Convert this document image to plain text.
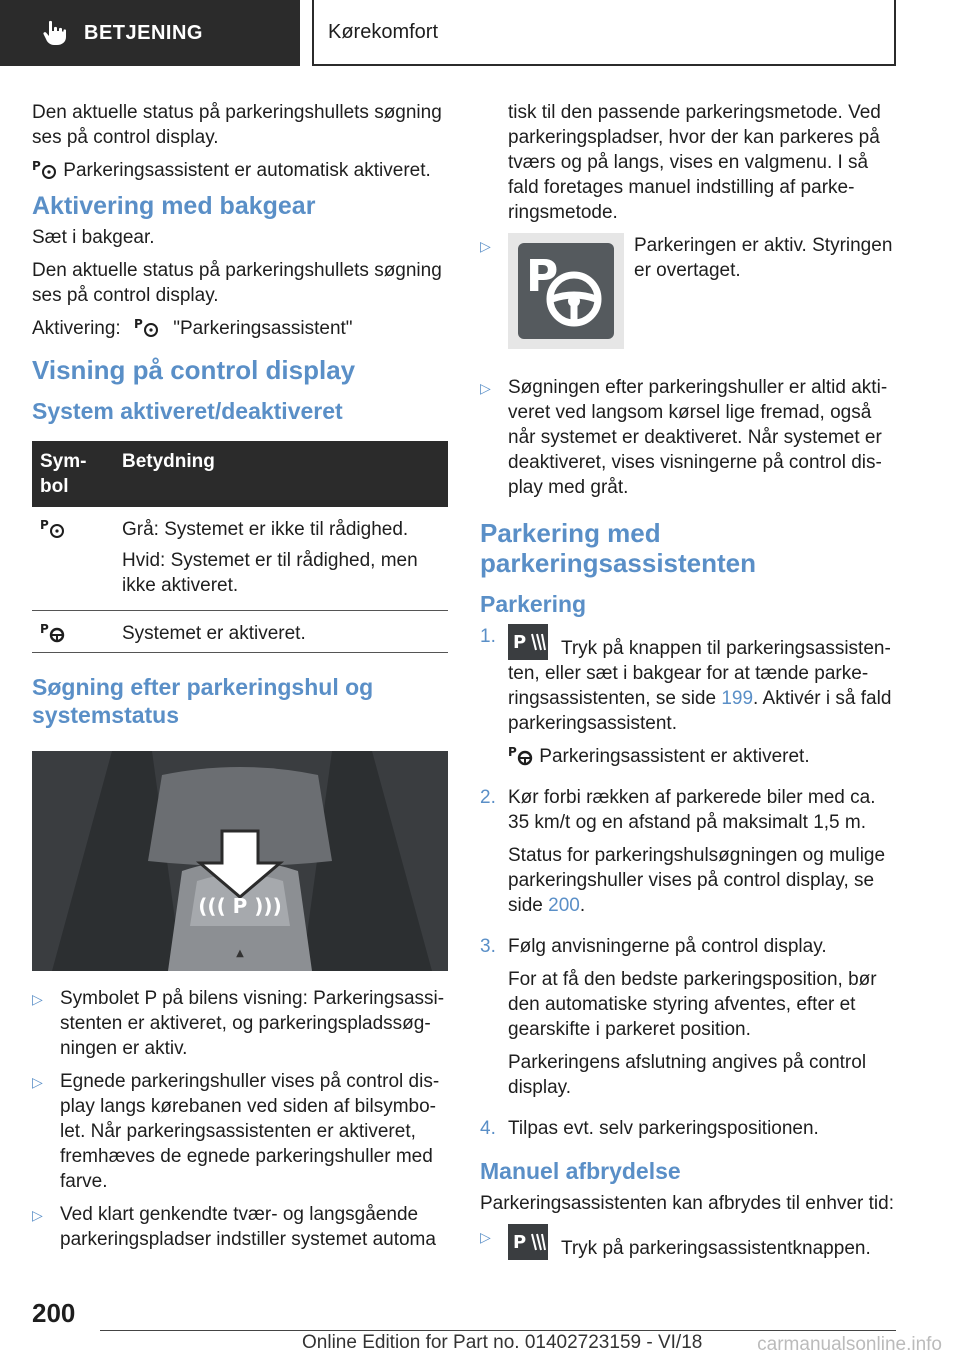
BETJENING	Kørekomfort

Den aktuelle status på parkeringshullets søgning ses på control display.

P Parkeringsassistent er automatisk aktiveret.

Aktivering med bakgear

Sæt i bakgear.

Den aktuelle status på parkeringshullets søgning ses på control display.

Aktivering: P "Parkeringsassistent"

Visning på control display
System aktiveret/deaktiveret
Sym-
bol	Betydning

P	Grå: Systemet er ikke til rådighed.

Hvid: Systemet er til rådighed, men ikke aktiveret.

P	Systemet er aktiveret.
Søgning efter parkeringshul og systemstatus
((( P )))
▲
▷ Symbolet P på bilens visning: Parkeringsassistenten er aktiveret, og parkeringspladssøgningen er aktiv.
▷ Egnede parkeringshuller vises på control display langs kørebanen ved siden af bilsymbolet. Når parkeringsassistenten er aktiveret, fremhæves de egnede parkeringshuller med farve.
▷ Ved klart genkendte tvær- og langsgående parkeringspladser indstiller systemet automa

tisk til den passende parkeringsmetode. Ved parkeringspladser, hvor der kan parkeres på tværs og på langs, vises en valgmenu. I så fald foretages manuel indstilling af parkeringsmetode.

▷
P
Parkeringen er aktiv. Styringen er overtaget.
▷ Søgningen efter parkeringshuller er altid aktiveret ved langsom kørsel lige fremad, også når systemet er deaktiveret. Når systemet er deaktiveret, vises visningerne på control display med gråt.
Parkering med parkeringsassistenten
Parkering
1. P Tryk på knappen til parkeringsassistenten, eller sæt i bakgear for at tænde parkeringsassistenten, se side 199. Aktivér i så fald parkeringsassistent.

P Parkeringsassistent er aktiveret.

2. Kør forbi rækken af parkerede biler med ca. 35 km/t og en afstand på maksimalt 1,5 m.

Status for parkeringshulsøgningen og mulige parkeringshuller vises på control display, se side 200.

3. Følg anvisningerne på control display.

For at få den bedste parkeringsposition, bør den automatiske styring afventes, efter et gearskifte i parkeret position.

Parkeringens afslutning angives på control display.

4. Tilpas evt. selv parkeringspositionen.

Manuel afbrydelse

Parkeringsassistenten kan afbrydes til enhver tid:

▷	P Tryk på parkeringsassistentknappen.
200
Online Edition for Part no. 01402723159 - VI/18	carmanualsonline.info
